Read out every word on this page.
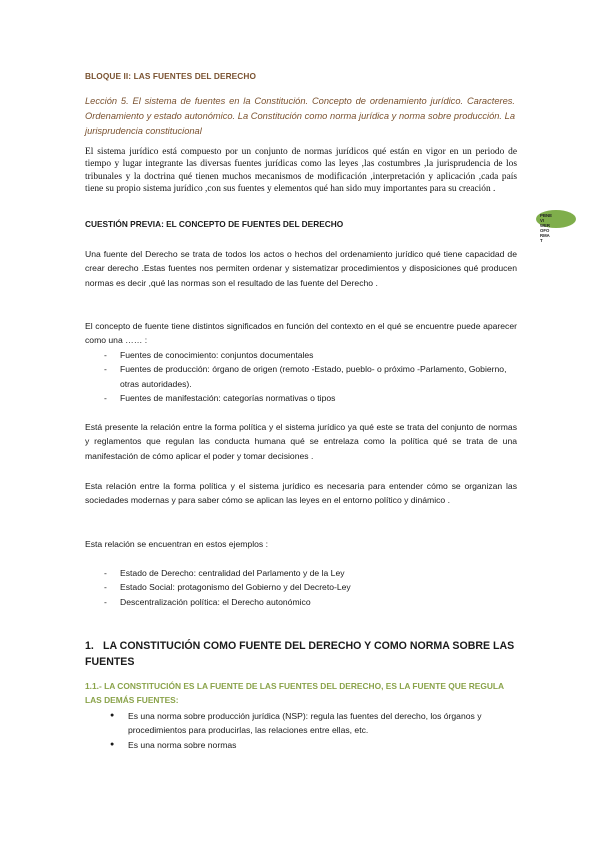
BLOQUE II: LAS FUENTES DEL DERECHO
Lección 5. El sistema de fuentes en la Constitución. Concepto de ordenamiento jurídico. Caracteres. Ordenamiento y estado autonómico. La Constitución como norma jurídica y norma sobre producción. La jurisprudencia constitucional
El sistema jurídico está compuesto por un conjunto de normas jurídicos qué están en vigor en un periodo de tiempo y lugar integrante las diversas fuentes jurídicas como las leyes ,las costumbres ,la jurisprudencia de los tribunales y la doctrina qué tienen muchos mecanismos de modificación ,interpretación y aplicación ,cada país tiene su propio sistema jurídico ,con sus fuentes y elementos qué han sido muy importantes para su creación .
PBNE
VI
WER
OFO
RMA
T
CUESTIÓN PREVIA: EL CONCEPTO DE FUENTES DEL DERECHO
Una fuente del Derecho se trata de todos los actos o hechos del ordenamiento jurídico qué tiene capacidad de crear derecho .Estas fuentes nos permiten ordenar y sistematizar procedimientos y disposiciones qué producen normas es decir ,qué las normas son el resultado de las fuente del Derecho .
El concepto de fuente tiene distintos significados en función del contexto en el qué se encuentre puede aparecer como una …… :
- Fuentes de conocimiento: conjuntos documentales
- Fuentes de producción: órgano de origen (remoto -Estado, pueblo- o próximo -Parlamento, Gobierno, otras autoridades).
- Fuentes de manifestación: categorías normativas o tipos
Está presente la relación entre la forma política y el sistema jurídico ya qué este se trata del conjunto de normas y reglamentos que regulan las conducta humana qué se entrelaza como la política qué se trata de una manifestación de cómo aplicar el poder y tomar decisiones .
Esta relación entre la forma política y el sistema jurídico es necesaria para entender cómo se organizan las sociedades modernas y para saber cómo se aplican las leyes en el entorno político y dinámico .
Esta relación se encuentran en estos ejemplos :
- Estado de Derecho: centralidad del Parlamento y de la Ley
- Estado Social: protagonismo del Gobierno y del Decreto-Ley
- Descentralización política: el Derecho autonómico
1. LA CONSTITUCIÓN COMO FUENTE DEL DERECHO Y COMO NORMA SOBRE LAS FUENTES
1.1.- LA CONSTITUCIÓN ES LA FUENTE DE LAS FUENTES DEL DERECHO, ES LA FUENTE QUE REGULA LAS DEMÁS FUENTES:
● Es una norma sobre producción jurídica (NSP): regula las fuentes del derecho, los órganos y procedimientos para producirlas, las relaciones entre ellas, etc.
● Es una norma sobre normas
